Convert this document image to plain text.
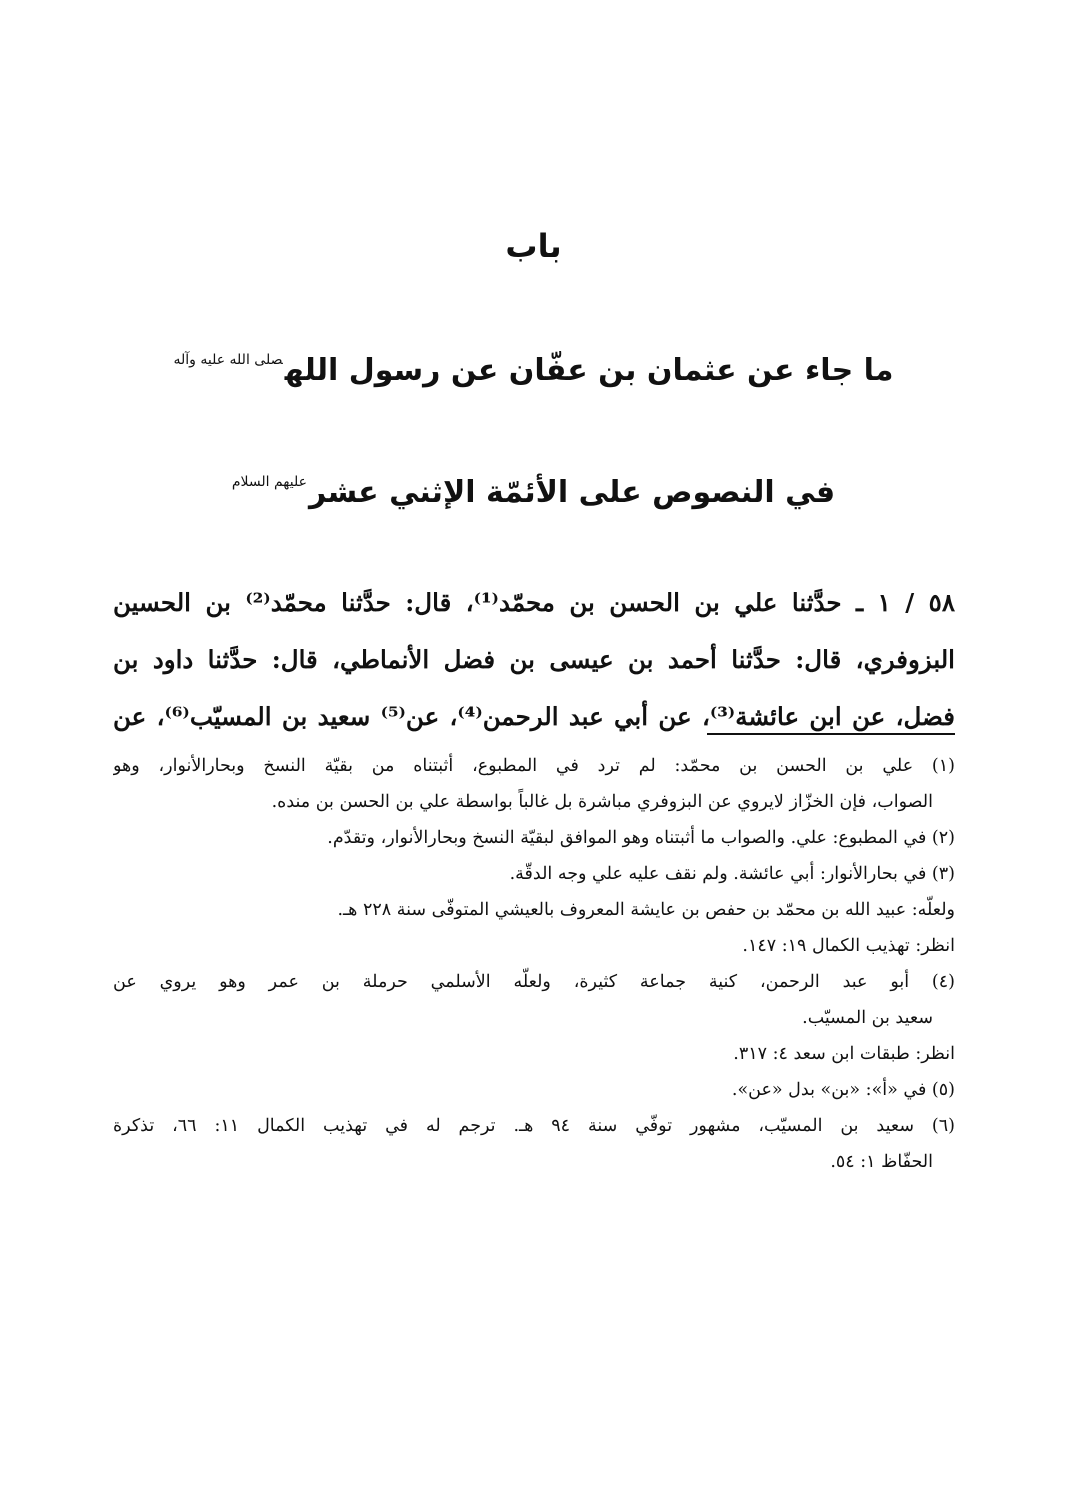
باب
ما جاء عن عثمان بن عفّان عن رسول الله$^{صلى الله عليه وآله}$
في النصوص على الأئمّة الإثني عشر$^{عليهم السلام}$
٥٨ / ١ ـ حدَّثنا علي بن الحسن بن محمّد⁽¹⁾، قال: حدَّثنا محمّد⁽²⁾ بن الحسين
البزوفري، قال: حدَّثنا أحمد بن عيسى بن فضل الأنماطي، قال: حدَّثنا داود بن
فضل، عن ابن عائشة⁽³⁾، عن أبي عبد الرحمن⁽⁴⁾، عن⁽⁵⁾ سعيد بن المسيّب⁽⁶⁾، عن
(١) علي بن الحسن بن محمّد: لم ترد في المطبوع، أثبتناه من بقيّة النسخ وبحارالأنوار، وهو
الصواب، فإن الخزّاز لايروي عن البزوفري مباشرة بل غالباً بواسطة علي بن الحسن بن منده.
(٢) في المطبوع: علي. والصواب ما أثبتناه وهو الموافق لبقيّة النسخ وبحارالأنوار، وتقدّم.
(٣) في بحارالأنوار: أبي عائشة. ولم نقف عليه علي وجه الدقّة.
ولعلّه: عبيد الله بن محمّد بن حفص بن عايشة المعروف بالعيشي المتوفّى سنة ٢٢٨ هـ.
انظر: تهذيب الكمال ١٩: ١٤٧.
(٤) أبو عبد الرحمن، كنية جماعة كثيرة، ولعلّه الأسلمي حرملة بن عمر وهو يروي عن
سعيد بن المسيّب.
انظر: طبقات ابن سعد ٤: ٣١٧.
(٥) في «أ»: «بن» بدل «عن».
(٦) سعيد بن المسيّب، مشهور توفّي سنة ٩٤ هـ. ترجم له في تهذيب الكمال ١١: ٦٦، تذكرة
الحفّاظ ١: ٥٤.
